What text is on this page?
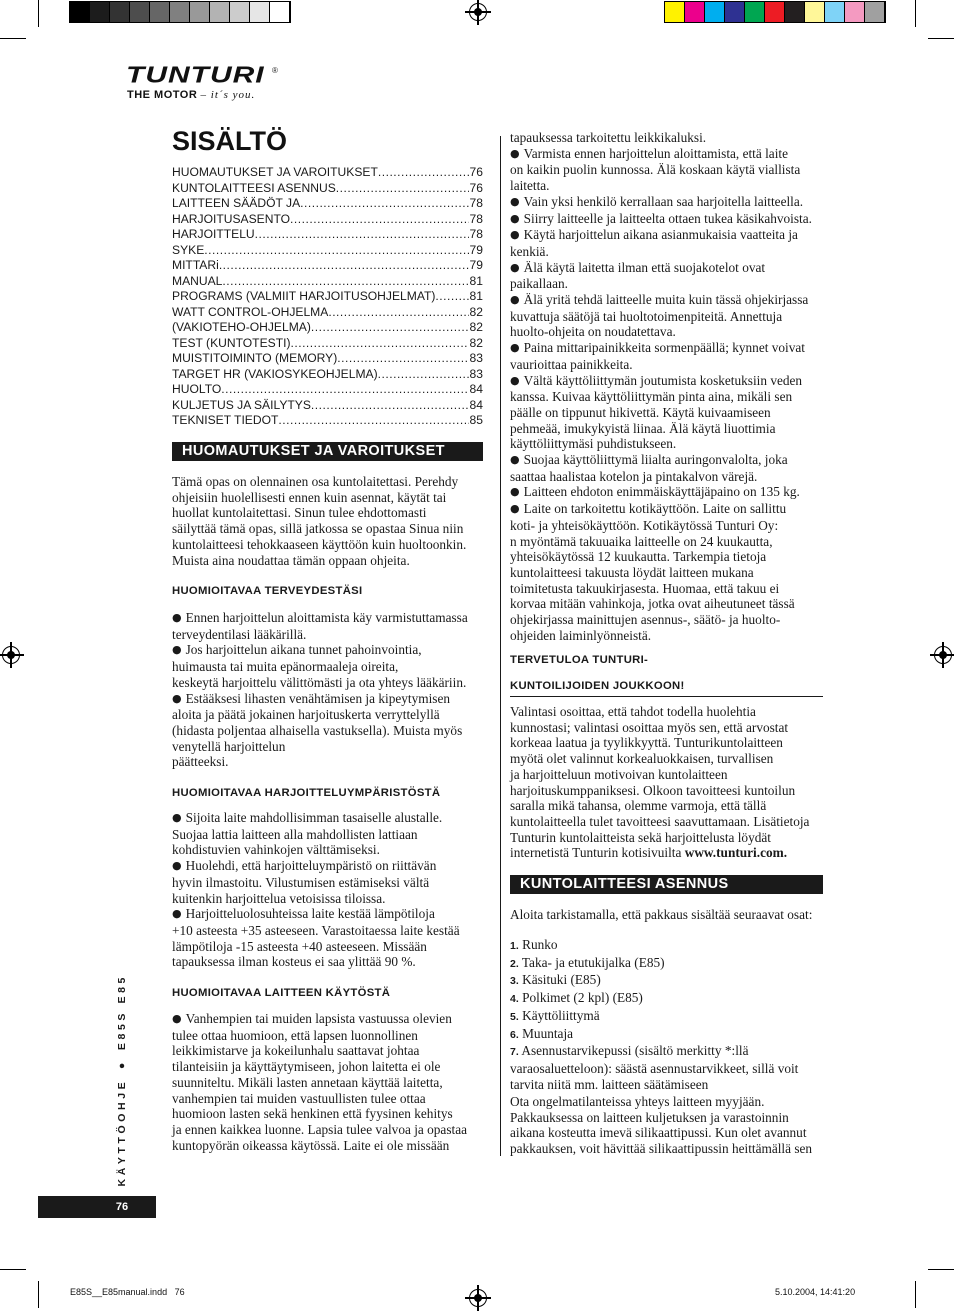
TUNTURI ®
THE MOTOR – it´s you.
SISÄLTÖ
HUOMAUTUKSET JA VAROITUKSET .....	76
KUNTOLAITTEESI ASENNUS .....	76
LAITTEEN SÄÄDÖT JA .....	78
HARJOITUSASENTO .....	78
HARJOITTELU .....	78
SYKE .....	79
MITTARi .....	79
MANUAL .....	81
PROGRAMS (VALMIIT HARJOITUSOHJELMAT) .....	81
WATT CONTROL-OHJELMA .....	82
(VAKIOTEHO-OHJELMA) .....	82
TEST (KUNTOTESTI) .....	82
MUISTITOIMINTO (MEMORY) .....	83
TARGET HR (VAKIOSYKEOHJELMA) .....	83
HUOLTO .....	84
KULJETUS JA SÄILYTYS .....	84
TEKNISET TIEDOT .....	85
HUOMAUTUKSET JA VAROITUKSET

Tämä opas on olennainen osa kuntolaitettasi. Perehdy

ohjeisiin huolellisesti ennen kuin asennat, käytät tai

huollat kuntolaitettasi. Sinun tulee ehdottomasti

säilyttää tämä opas, sillä jatkossa se opastaa Sinua niin

kuntolaitteesi tehokkaaseen käyttöön kuin huoltoonkin.

Muista aina noudattaa tämän oppaan ohjeita.

HUOMIOITAVAA TERVEYDESTÄSI

● Ennen harjoittelun aloittamista käy varmistuttamassa

terveydentilasi lääkärillä.

● Jos harjoittelun aikana tunnet pahoinvointia,

huimausta tai muita epänormaaleja oireita,

keskeytä harjoittelu välittömästi ja ota yhteys lääkäriin.

● Estääksesi lihasten venähtämisen ja kipeytymisen

aloita ja päätä jokainen harjoituskerta verryttelyllä

(hidasta poljentaa alhaisella vastuksella). Muista myös

venytellä harjoittelun

päätteeksi.

HUOMIOITAVAA HARJOITTELUYMPÄRISTÖSTÄ

● Sijoita laite mahdollisimman tasaiselle alustalle.

Suojaa lattia laitteen alla mahdollisten lattiaan

kohdistuvien vahinkojen välttämiseksi.

● Huolehdi, että harjoitteluympäristö on riittävän

hyvin ilmastoitu. Vilustumisen estämiseksi vältä

kuitenkin harjoittelua vetoisissa tiloissa.

● Harjoitteluolosuhteissa laite kestää lämpötiloja

+10 asteesta +35 asteeseen. Varastoitaessa laite kestää

lämpötiloja -15 asteesta +40 asteeseen. Missään

tapauksessa ilman kosteus ei saa ylittää 90 %.

HUOMIOITAVAA LAITTEEN KÄYTÖSTÄ

● Vanhempien tai muiden lapsista vastuussa olevien

tulee ottaa huomioon, että lapsen luonnollinen

leikkimistarve ja kokeilunhalu saattavat johtaa

tilanteisiin ja käyttäytymiseen, johon laitetta ei ole

suunniteltu. Mikäli lasten annetaan käyttää laitetta,

vanhempien tai muiden vastuullisten tulee ottaa

huomioon lasten sekä henkinen että fyysinen kehitys

ja ennen kaikkea luonne. Lapsia tulee valvoa ja opastaa

kuntopyörän oikeassa käytössä. Laite ei ole missään

tapauksessa tarkoitettu leikkikaluksi.

● Varmista ennen harjoittelun aloittamista, että laite

on kaikin puolin kunnossa. Älä koskaan käytä viallista

laitetta.

● Vain yksi henkilö kerrallaan saa harjoitella laitteella.

● Siirry laitteelle ja laitteelta ottaen tukea käsikahvoista.

● Käytä harjoittelun aikana asianmukaisia vaatteita ja

kenkiä.

● Älä käytä laitetta ilman että suojakotelot ovat

paikallaan.

● Älä yritä tehdä laitteelle muita kuin tässä ohjekirjassa

kuvattuja säätöjä tai huoltotoimenpiteitä. Annettuja

huolto-ohjeita on noudatettava.

● Paina mittaripainikkeita sormenpäällä; kynnet voivat

vaurioittaa painikkeita.

● Vältä käyttöliittymän joutumista kosketuksiin veden

kanssa. Kuivaa käyttöliittymän pinta aina, mikäli sen

päälle on tippunut hikivettä. Käytä kuivaamiseen

pehmeää, imukykyistä liinaa. Älä käytä liuottimia

käyttöliittymäsi puhdistukseen.

● Suojaa käyttöliittymä liialta auringonvalolta, joka

saattaa haalistaa kotelon ja pintakalvon värejä.

● Laitteen ehdoton enimmäiskäyttäjäpaino on 135 kg.

● Laite on tarkoitettu kotikäyttöön. Laite on sallittu

koti- ja yhteisökäyttöön. Kotikäytössä Tunturi Oy:

n myöntämä takuuaika laitteelle on 24 kuukautta,

yhteisökäytössä 12 kuukautta. Tarkempia tietoja

kuntolaitteesi takuusta löydät laitteen mukana

toimitetusta takuukirjasesta. Huomaa, että takuu ei

korvaa mitään vahinkoja, jotka ovat aiheutuneet tässä

ohjekirjassa mainittujen asennus-, säätö- ja huolto-

ohjeiden laiminlyönneistä.

TERVETULOA TUNTURI-
KUNTOILIJOIDEN JOUKKOON!

Valintasi osoittaa, että tahdot todella huolehtia

kunnostasi; valintasi osoittaa myös sen, että arvostat

korkeaa laatua ja tyylikkyyttä. Tunturikuntolaitteen

myötä olet valinnut korkealuokkaisen, turvallisen

ja harjoitteluun motivoivan kuntolaitteen

harjoituskumppaniksesi. Olkoon tavoitteesi kuntoilun

saralla mikä tahansa, olemme varmoja, että tällä

kuntolaitteella tulet tavoitteesi saavuttamaan. Lisätietoja

Tunturin kuntolaitteista sekä harjoittelusta löydät

internetistä Tunturin kotisivuilta www.tunturi.com.

KUNTOLAITTEESI ASENNUS
Aloita tarkistamalla, että pakkaus sisältää seuraavat osat:

1. Runko

2. Taka- ja etutukijalka (E85)

3. Käsituki (E85)

4. Polkimet (2 kpl) (E85)

5. Käyttöliittymä

6. Muuntaja

7. Asennustarvikepussi (sisältö merkitty *:llä

varaosaluetteloon): säästä asennustarvikkeet, sillä voit

tarvita niitä mm. laitteen säätämiseen

Ota ongelmatilanteissa yhteys laitteen myyjään.

Pakkauksessa on laitteen kuljetuksen ja varastoinnin

aikana kosteutta imevä silikaattipussi. Kun olet avannut

pakkauksen, voit hävittää silikaattipussin heittämällä sen

KÄYTTÖOHJE ● E85S E85
76
E85S__E85manual.indd   76	5.10.2004, 14:41:20
